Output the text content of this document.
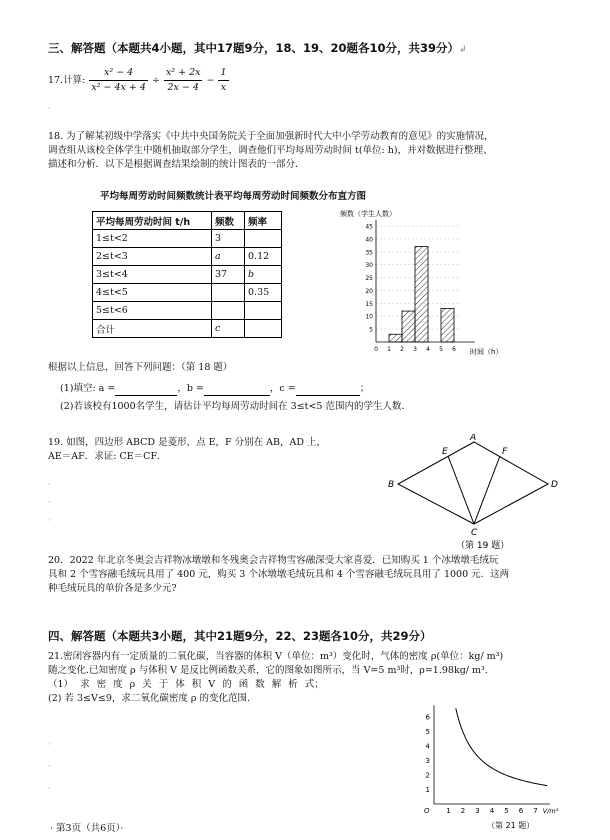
三、解答题（本题共4小题，其中17题9分，18、19、20题各10分，共39分）↲
17.计算: $\frac{\text{x² − 4}}{\text{x² − 4x + 4}} \div \frac{\text{x² + 2x}}{2x - 4} - \frac{1}{x}$
·
18. 为了解某初级中学落实《中共中央国务院关于全面加强新时代大中小学劳动教育的意见》的实施情况，
调查组从该校全体学生中随机抽取部分学生，调查他们平均每周劳动时间 t(单位: h)，并对数据进行整理、
描述和分析．以下是根据调查结果绘制的统计图表的一部分．
平均每周劳动时间频数统计表平均每周劳动时间频数分布直方图
平均每周劳动时间 t/h	频数	频率
1≤t<2	3	
2≤t<3	a	0.12
3≤t<4	37	b
4≤t<5		0.35
5≤t<6		
合计	c	
频数（学生人数）
5
10
15
20
25
30
35
40
45
0 1 2 3 4 5 6 时间（h）
根据以上信息，回答下列问题：（第 18 题）
(1)填空: a =	，b =	，c =	；
(2)若该校有1000名学生，请估计平均每周劳动时间在 3≤t<5 范围内的学生人数．
19. 如图，四边形 ABCD 是菱形，点 E，F 分别在 AB，AD 上，
AE＝AF．求证: CE＝CF．
·
·
·
A
B
C
D
E	F
（第 19 题）
20．2022 年北京冬奥会吉祥物冰墩墩和冬残奥会吉祥物雪容融深受大家喜爱．已知购买 1 个冰墩墩毛绒玩
具和 2 个雪容融毛绒玩具用了 400 元，购买 3 个冰墩墩毛绒玩具和 4 个雪容融毛绒玩具用了 1000 元．这两
种毛绒玩具的单价各是多少元?
四、解答题（本题共3小题，其中21题9分，22、23题各10分，共29分）
21.密闭容器内有一定质量的二氧化碳，当容器的体积 V（单位：m³）变化时，气体的密度 ρ(单位：kg/ m³)
随之变化.已知密度 ρ 与体积 V 是反比例函数关系，它的图象如图所示，当 V=5 m³时，ρ=1.98kg/ m³.
（1） 求 密 度 ρ 关 于 体 积 V 的 函 数 解 析 式；
(2) 若 3≤V≤9，求二氧化碳密度 ρ 的变化范围.
·
·
·
1 2 3 4 5 6 7
1
2
3
4
5
6
O	V/m³
（第 21 题）
· 第3页（共6页）·
